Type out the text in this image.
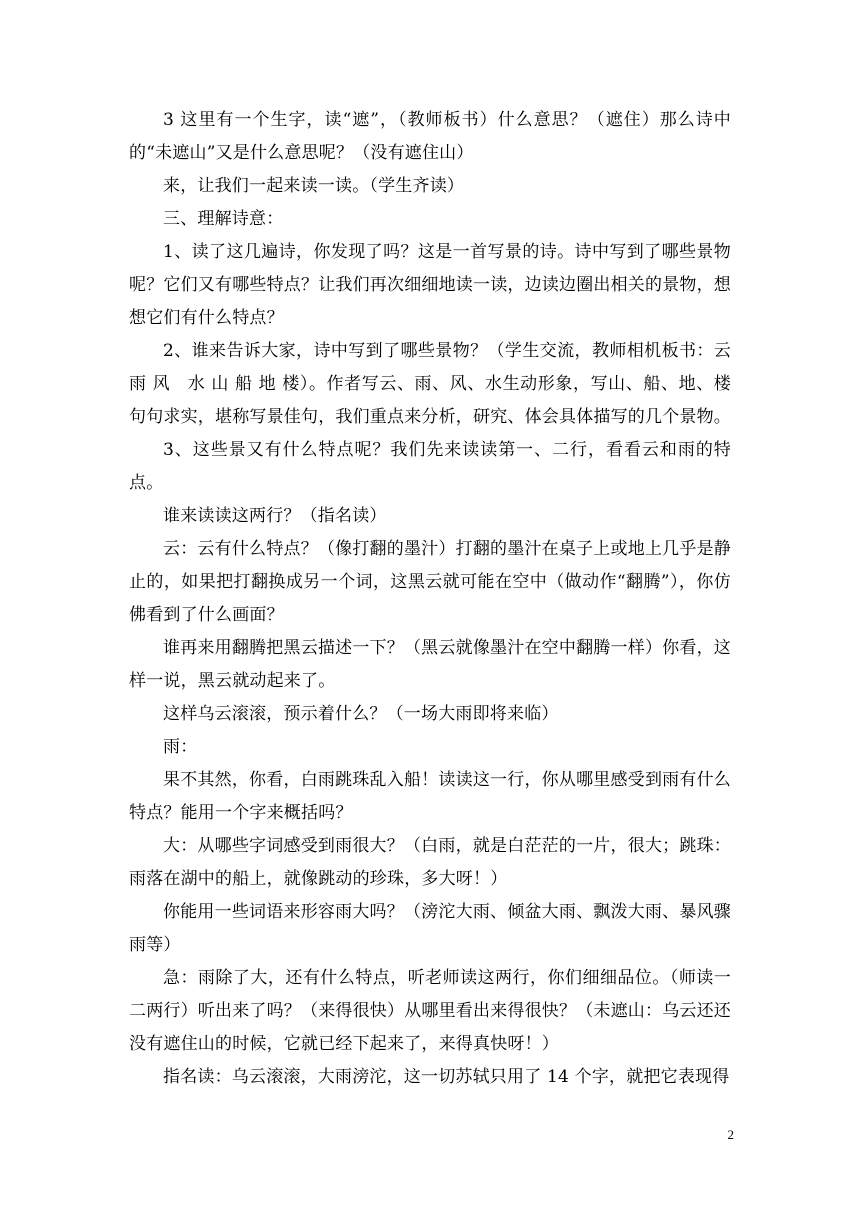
3 这里有一个生字，读“遮”，（教师板书）什么意思？（遮住）那么诗中的“未遮山”又是什么意思呢？（没有遮住山）

来，让我们一起来读一读。（学生齐读）

三、理解诗意：

1、读了这几遍诗，你发现了吗？这是一首写景的诗。诗中写到了哪些景物呢？它们又有哪些特点？让我们再次细细地读一读，边读边圈出相关的景物，想想它们有什么特点？

2、谁来告诉大家，诗中写到了哪些景物？（学生交流，教师相机板书：云 雨 风　水 山 船 地 楼）。作者写云、雨、风、水生动形象，写山、船、地、楼句句求实，堪称写景佳句，我们重点来分析，研究、体会具体描写的几个景物。

3、这些景又有什么特点呢？我们先来读读第一、二行，看看云和雨的特点。

谁来读读这两行？（指名读）

云：云有什么特点？（像打翻的墨汁）打翻的墨汁在桌子上或地上几乎是静止的，如果把打翻换成另一个词，这黑云就可能在空中（做动作“翻腾”），你仿佛看到了什么画面？

谁再来用翻腾把黑云描述一下？（黑云就像墨汁在空中翻腾一样）你看，这样一说，黑云就动起来了。

这样乌云滚滚，预示着什么？（一场大雨即将来临）

雨：

果不其然，你看，白雨跳珠乱入船！读读这一行，你从哪里感受到雨有什么特点？能用一个字来概括吗？

大：从哪些字词感受到雨很大？（白雨，就是白茫茫的一片，很大；跳珠：雨落在湖中的船上，就像跳动的珍珠，多大呀！）

你能用一些词语来形容雨大吗？（滂沱大雨、倾盆大雨、飘泼大雨、暴风骤雨等）

急：雨除了大，还有什么特点，听老师读这两行，你们细细品位。（师读一二两行）听出来了吗？（来得很快）从哪里看出来得很快？（未遮山：乌云还还没有遮住山的时候，它就已经下起来了，来得真快呀！）

指名读：乌云滚滚，大雨滂沱，这一切苏轼只用了 14 个字，就把它表现得

2
